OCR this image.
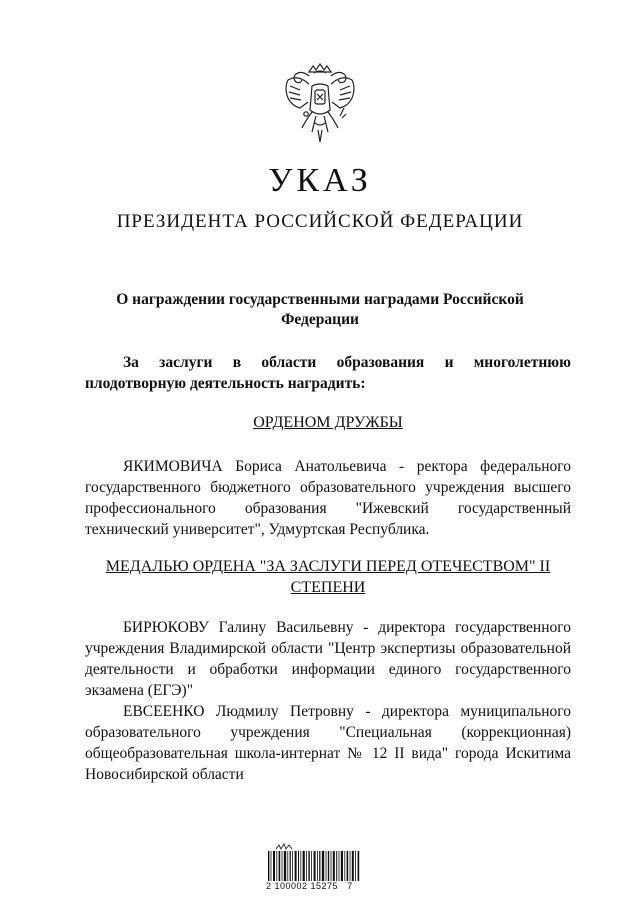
УКАЗ
ПРЕЗИДЕНТА РОССИЙСКОЙ ФЕДЕРАЦИИ
О награждении государственными наградами Российской Федерации
За заслуги в области образования и многолетнюю плодотворную деятельность наградить:
ОРДЕНОМ ДРУЖБЫ
ЯКИМОВИЧА Бориса Анатольевича - ректора федерального государственного бюджетного образовательного учреждения высшего профессионального образования "Ижевский государственный технический университет", Удмуртская Республика.
МЕДАЛЬЮ ОРДЕНА "ЗА ЗАСЛУГИ ПЕРЕД ОТЕЧЕСТВОМ" II СТЕПЕНИ
БИРЮКОВУ Галину Васильевну - директора государственного учреждения Владимирской области "Центр экспертизы образовательной деятельности и обработки информации единого государственного экзамена (ЕГЭ)"
ЕВСЕЕНКО Людмилу Петровну - директора муниципального образовательного учреждения "Специальная (коррекционная) общеобразовательная школа-интернат № 12 II вида" города Искитима Новосибирской области
2 100002 15275   7
